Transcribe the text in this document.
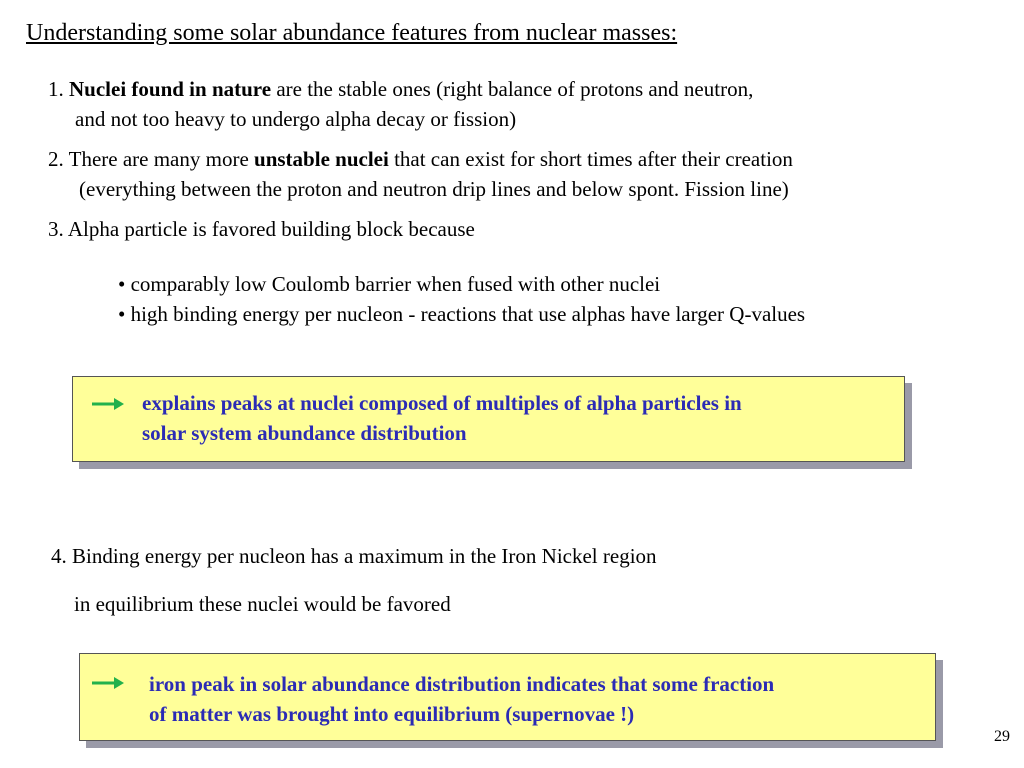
Understanding some solar abundance features from nuclear masses:
1. Nuclei found in nature are the stable ones (right balance of protons and neutron,
and not too heavy to undergo alpha decay or fission)
2. There are many more unstable nuclei that can exist for short times after their creation
(everything between the proton and neutron drip lines and below spont. Fission line)
3. Alpha particle is favored building block because
• comparably low Coulomb barrier when fused with other nuclei
• high binding energy per nucleon - reactions that use alphas have larger Q-values
explains peaks at nuclei composed of multiples of alpha particles in
solar system abundance distribution
4. Binding energy per nucleon has a maximum in the Iron Nickel region
in equilibrium these nuclei would be favored
iron peak in solar abundance distribution indicates that some fraction
of matter was brought into equilibrium (supernovae !)
29
